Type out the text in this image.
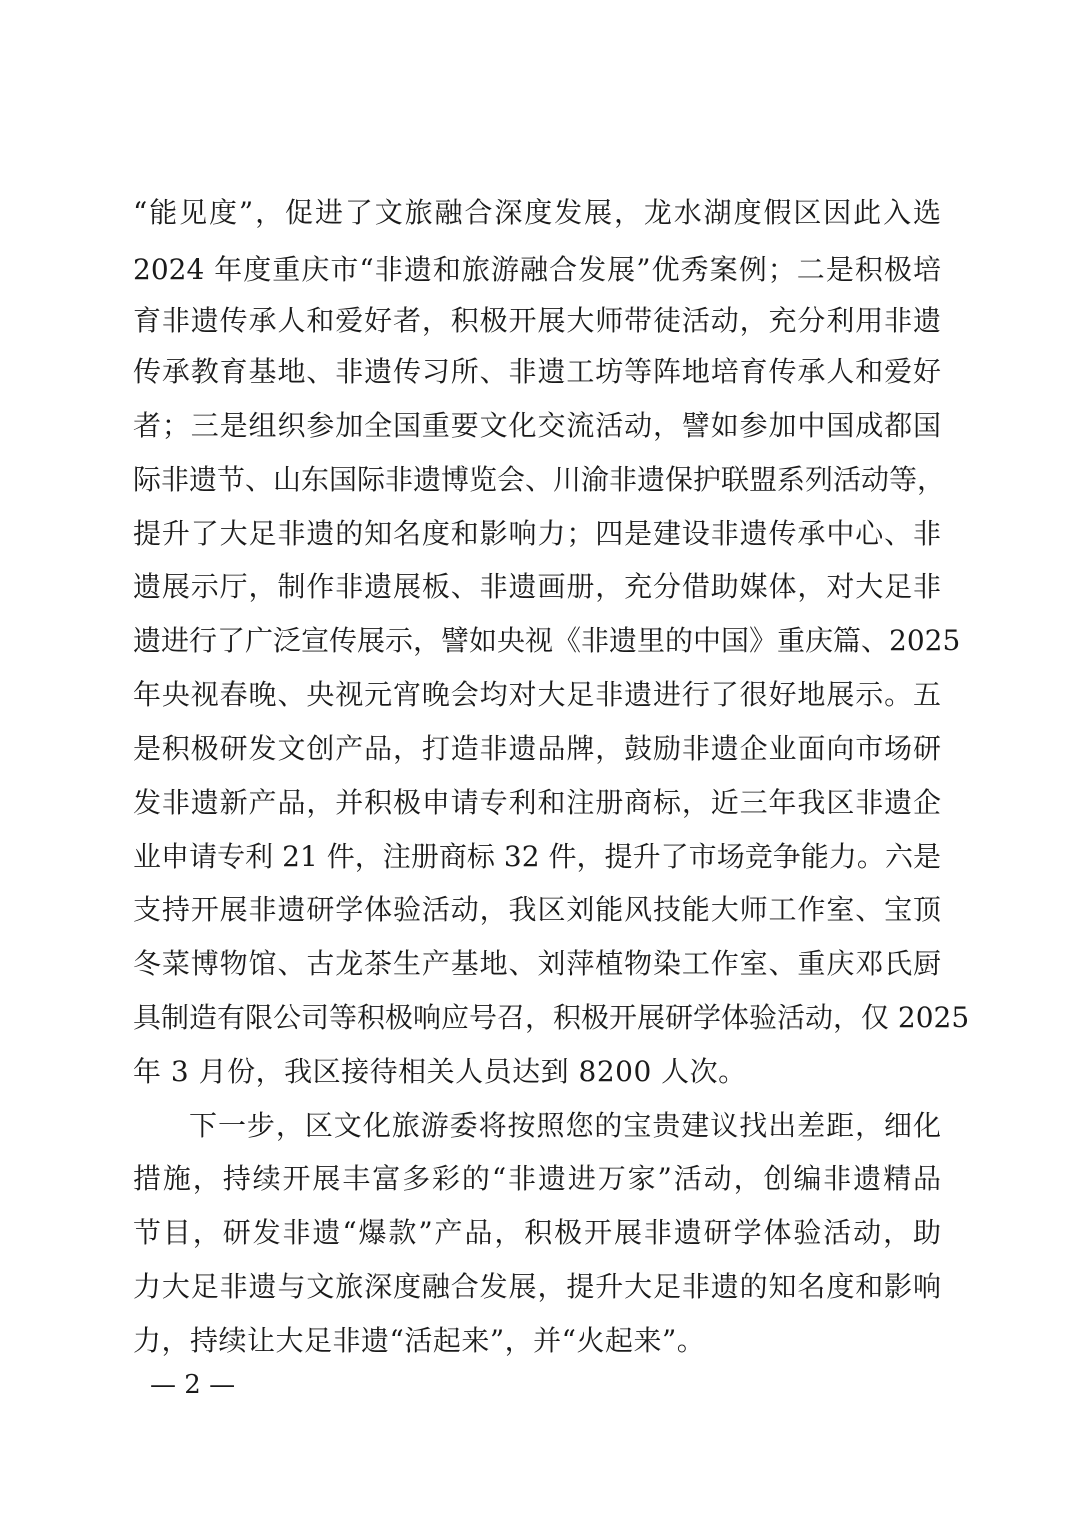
“能见度”，促进了文旅融合深度发展，龙水湖度假区因此入选
2024 年度重庆市“非遗和旅游融合发展”优秀案例；二是积极培
育非遗传承人和爱好者，积极开展大师带徒活动，充分利用非遗
传承教育基地、非遗传习所、非遗工坊等阵地培育传承人和爱好
者；三是组织参加全国重要文化交流活动，譬如参加中国成都国
际非遗节、山东国际非遗博览会、川渝非遗保护联盟系列活动等，
提升了大足非遗的知名度和影响力；四是建设非遗传承中心、非
遗展示厅，制作非遗展板、非遗画册，充分借助媒体，对大足非
遗进行了广泛宣传展示，譬如央视《非遗里的中国》重庆篇、2025
年央视春晚、央视元宵晚会均对大足非遗进行了很好地展示。五
是积极研发文创产品，打造非遗品牌，鼓励非遗企业面向市场研
发非遗新产品，并积极申请专利和注册商标，近三年我区非遗企
业申请专利 21 件，注册商标 32 件，提升了市场竞争能力。六是
支持开展非遗研学体验活动，我区刘能风技能大师工作室、宝顶
冬菜博物馆、古龙茶生产基地、刘萍植物染工作室、重庆邓氏厨
具制造有限公司等积极响应号召，积极开展研学体验活动，仅 2025
年 3 月份，我区接待相关人员达到 8200 人次。
下一步，区文化旅游委将按照您的宝贵建议找出差距，细化
措施，持续开展丰富多彩的“非遗进万家”活动，创编非遗精品
节目，研发非遗“爆款”产品，积极开展非遗研学体验活动，助
力大足非遗与文旅深度融合发展，提升大足非遗的知名度和影响
力，持续让大足非遗“活起来”，并“火起来”。
— 2 —
